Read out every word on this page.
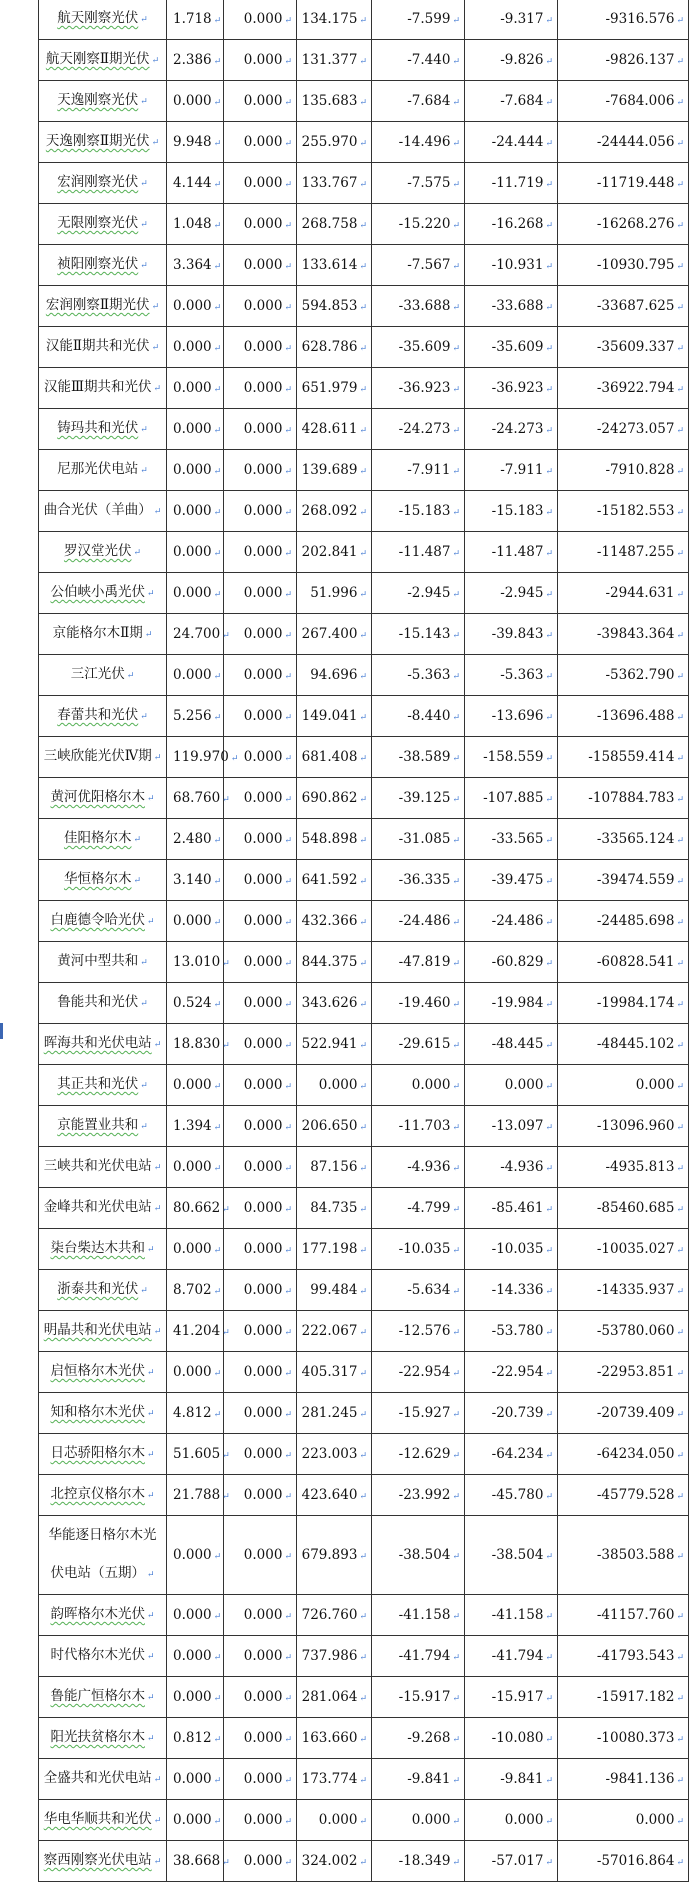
航天刚察光伏 ↵	1.718 ↵	0.000 ↵	134.175 ↵	-7.599 ↵	-9.317 ↵	-9316.576 ↵
航天刚察Ⅱ期光伏 ↵	2.386 ↵	0.000 ↵	131.377 ↵	-7.440 ↵	-9.826 ↵	-9826.137 ↵
天逸刚察光伏 ↵	0.000 ↵	0.000 ↵	135.683 ↵	-7.684 ↵	-7.684 ↵	-7684.006 ↵
天逸刚察Ⅱ期光伏 ↵	9.948 ↵	0.000 ↵	255.970 ↵	-14.496 ↵	-24.444 ↵	-24444.056 ↵
宏润刚察光伏 ↵	4.144 ↵	0.000 ↵	133.767 ↵	-7.575 ↵	-11.719 ↵	-11719.448 ↵
无限刚察光伏 ↵	1.048 ↵	0.000 ↵	268.758 ↵	-15.220 ↵	-16.268 ↵	-16268.276 ↵
祯阳刚察光伏 ↵	3.364 ↵	0.000 ↵	133.614 ↵	-7.567 ↵	-10.931 ↵	-10930.795 ↵
宏润刚察Ⅱ期光伏 ↵	0.000 ↵	0.000 ↵	594.853 ↵	-33.688 ↵	-33.688 ↵	-33687.625 ↵
汉能Ⅱ期共和光伏 ↵	0.000 ↵	0.000 ↵	628.786 ↵	-35.609 ↵	-35.609 ↵	-35609.337 ↵
汉能Ⅲ期共和光伏 ↵	0.000 ↵	0.000 ↵	651.979 ↵	-36.923 ↵	-36.923 ↵	-36922.794 ↵
铸玛共和光伏 ↵	0.000 ↵	0.000 ↵	428.611 ↵	-24.273 ↵	-24.273 ↵	-24273.057 ↵
尼那光伏电站 ↵	0.000 ↵	0.000 ↵	139.689 ↵	-7.911 ↵	-7.911 ↵	-7910.828 ↵
曲合光伏（羊曲） ↵	0.000 ↵	0.000 ↵	268.092 ↵	-15.183 ↵	-15.183 ↵	-15182.553 ↵
罗汉堂光伏 ↵	0.000 ↵	0.000 ↵	202.841 ↵	-11.487 ↵	-11.487 ↵	-11487.255 ↵
公伯峡小禹光伏 ↵	0.000 ↵	0.000 ↵	51.996 ↵	-2.945 ↵	-2.945 ↵	-2944.631 ↵
京能格尔木Ⅱ期 ↵	24.700 ↵	0.000 ↵	267.400 ↵	-15.143 ↵	-39.843 ↵	-39843.364 ↵
三江光伏 ↵	0.000 ↵	0.000 ↵	94.696 ↵	-5.363 ↵	-5.363 ↵	-5362.790 ↵
春蕾共和光伏 ↵	5.256 ↵	0.000 ↵	149.041 ↵	-8.440 ↵	-13.696 ↵	-13696.488 ↵
三峡欣能光伏Ⅳ期 ↵	119.970 ↵	0.000 ↵	681.408 ↵	-38.589 ↵	-158.559 ↵	-158559.414 ↵
黄河优阳格尔木 ↵	68.760 ↵	0.000 ↵	690.862 ↵	-39.125 ↵	-107.885 ↵	-107884.783 ↵
佳阳格尔木 ↵	2.480 ↵	0.000 ↵	548.898 ↵	-31.085 ↵	-33.565 ↵	-33565.124 ↵
华恒格尔木 ↵	3.140 ↵	0.000 ↵	641.592 ↵	-36.335 ↵	-39.475 ↵	-39474.559 ↵
白鹿德令哈光伏 ↵	0.000 ↵	0.000 ↵	432.366 ↵	-24.486 ↵	-24.486 ↵	-24485.698 ↵
黄河中型共和 ↵	13.010 ↵	0.000 ↵	844.375 ↵	-47.819 ↵	-60.829 ↵	-60828.541 ↵
鲁能共和光伏 ↵	0.524 ↵	0.000 ↵	343.626 ↵	-19.460 ↵	-19.984 ↵	-19984.174 ↵
晖海共和光伏电站 ↵	18.830 ↵	0.000 ↵	522.941 ↵	-29.615 ↵	-48.445 ↵	-48445.102 ↵
其正共和光伏 ↵	0.000 ↵	0.000 ↵	0.000 ↵	0.000 ↵	0.000 ↵	0.000 ↵
京能置业共和 ↵	1.394 ↵	0.000 ↵	206.650 ↵	-11.703 ↵	-13.097 ↵	-13096.960 ↵
三峡共和光伏电站 ↵	0.000 ↵	0.000 ↵	87.156 ↵	-4.936 ↵	-4.936 ↵	-4935.813 ↵
金峰共和光伏电站 ↵	80.662 ↵	0.000 ↵	84.735 ↵	-4.799 ↵	-85.461 ↵	-85460.685 ↵
柒台柴达木共和 ↵	0.000 ↵	0.000 ↵	177.198 ↵	-10.035 ↵	-10.035 ↵	-10035.027 ↵
浙泰共和光伏 ↵	8.702 ↵	0.000 ↵	99.484 ↵	-5.634 ↵	-14.336 ↵	-14335.937 ↵
明晶共和光伏电站 ↵	41.204 ↵	0.000 ↵	222.067 ↵	-12.576 ↵	-53.780 ↵	-53780.060 ↵
启恒格尔木光伏 ↵	0.000 ↵	0.000 ↵	405.317 ↵	-22.954 ↵	-22.954 ↵	-22953.851 ↵
知和格尔木光伏 ↵	4.812 ↵	0.000 ↵	281.245 ↵	-15.927 ↵	-20.739 ↵	-20739.409 ↵
日芯骄阳格尔木 ↵	51.605 ↵	0.000 ↵	223.003 ↵	-12.629 ↵	-64.234 ↵	-64234.050 ↵
北控京仪格尔木 ↵	21.788 ↵	0.000 ↵	423.640 ↵	-23.992 ↵	-45.780 ↵	-45779.528 ↵
华能逐日格尔木光伏电站（五期） ↵	0.000 ↵	0.000 ↵	679.893 ↵	-38.504 ↵	-38.504 ↵	-38503.588 ↵
韵晖格尔木光伏 ↵	0.000 ↵	0.000 ↵	726.760 ↵	-41.158 ↵	-41.158 ↵	-41157.760 ↵
时代格尔木光伏 ↵	0.000 ↵	0.000 ↵	737.986 ↵	-41.794 ↵	-41.794 ↵	-41793.543 ↵
鲁能广恒格尔木 ↵	0.000 ↵	0.000 ↵	281.064 ↵	-15.917 ↵	-15.917 ↵	-15917.182 ↵
阳光扶贫格尔木 ↵	0.812 ↵	0.000 ↵	163.660 ↵	-9.268 ↵	-10.080 ↵	-10080.373 ↵
全盛共和光伏电站 ↵	0.000 ↵	0.000 ↵	173.774 ↵	-9.841 ↵	-9.841 ↵	-9841.136 ↵
华电华顺共和光伏 ↵	0.000 ↵	0.000 ↵	0.000 ↵	0.000 ↵	0.000 ↵	0.000 ↵
察西刚察光伏电站 ↵	38.668 ↵	0.000 ↵	324.002 ↵	-18.349 ↵	-57.017 ↵	-57016.864 ↵
